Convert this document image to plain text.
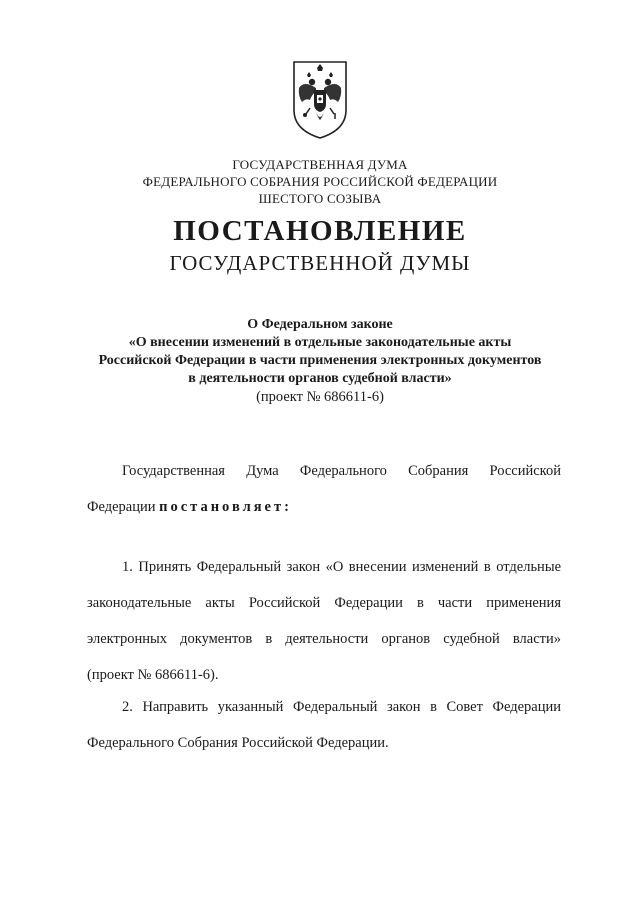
ГОСУДАРСТВЕННАЯ ДУМА
ФЕДЕРАЛЬНОГО СОБРАНИЯ РОССИЙСКОЙ ФЕДЕРАЦИИ
ШЕСТОГО СОЗЫВА
ПОСТАНОВЛЕНИЕ
ГОСУДАРСТВЕННОЙ ДУМЫ
О Федеральном законе
«О внесении изменений в отдельные законодательные акты
Российской Федерации в части применения электронных документов
в деятельности органов судебной власти»
(проект № 686611-6)
Государственная Дума Федерального Собрания Российской
Федерации постановляет:
1. Принять Федеральный закон «О внесении изменений в отдельные
законодательные акты Российской Федерации в части применения
электронных документов в деятельности органов судебной власти»
(проект № 686611-6).
2. Направить указанный Федеральный закон в Совет Федерации
Федерального Собрания Российской Федерации.
